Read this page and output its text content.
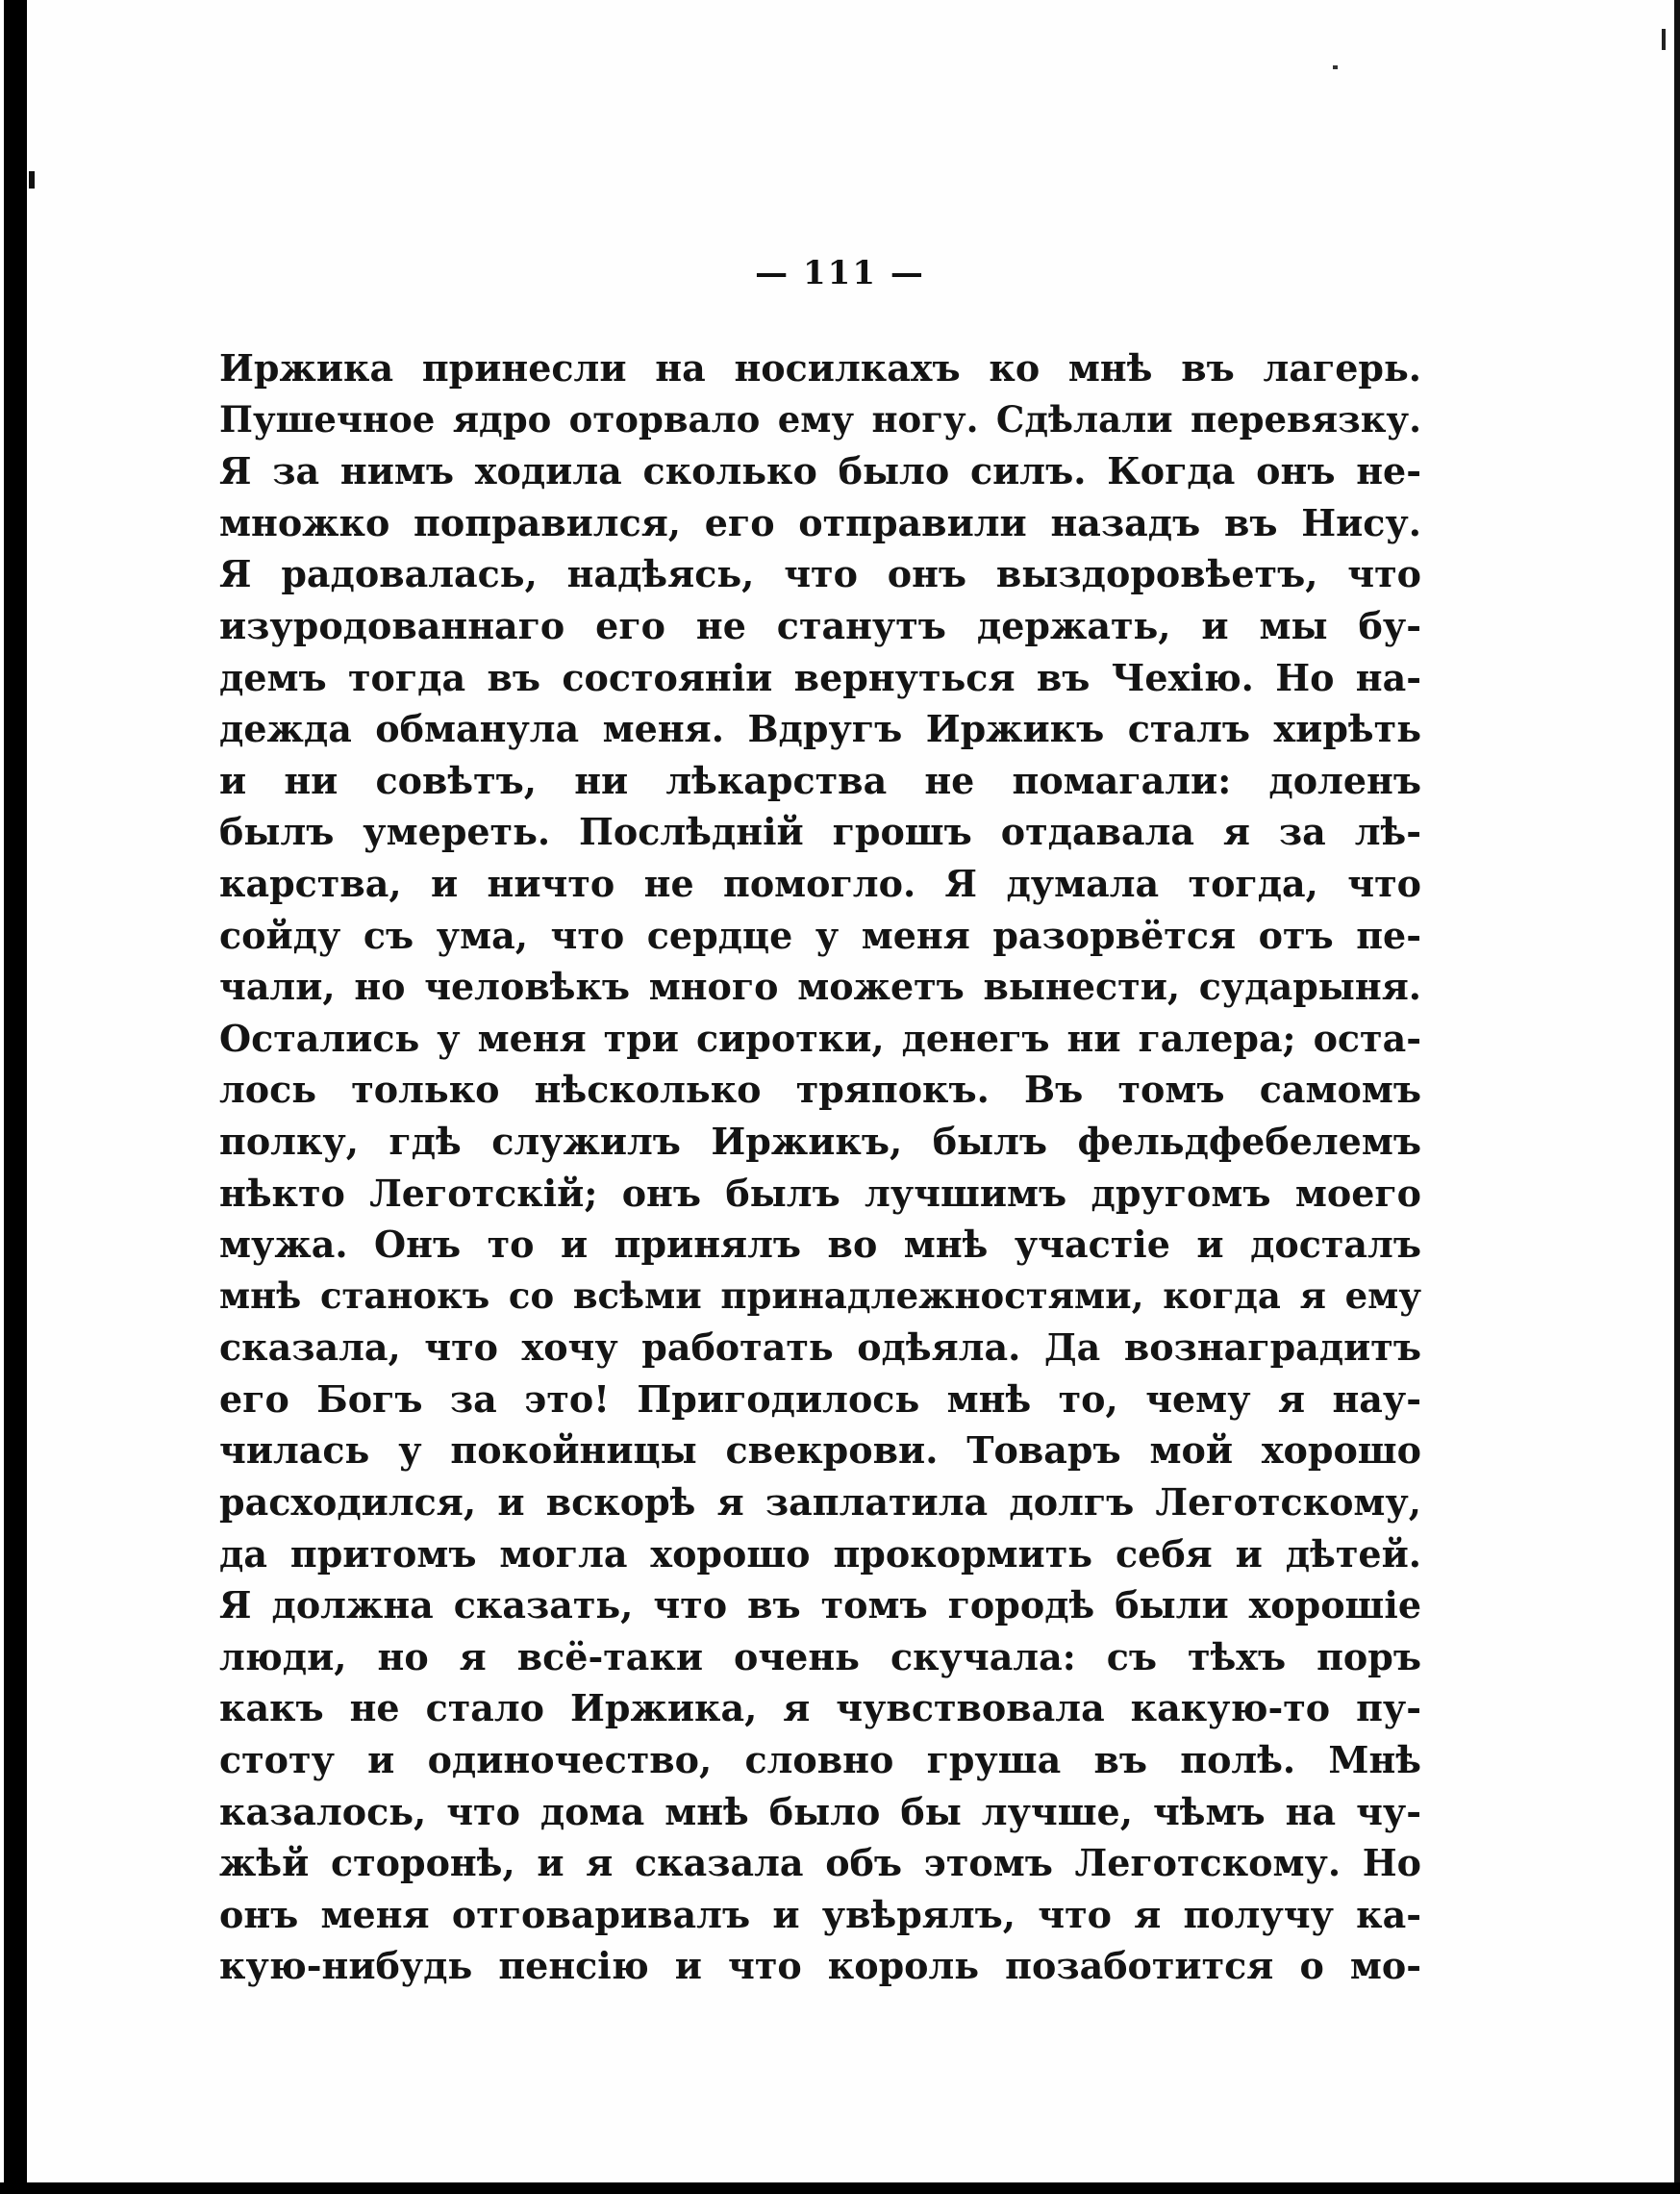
— 111 —
Иржика принесли на носилкахъ ко мнѣ въ лагерь.
Пушечное ядро оторвало ему ногу. Сдѣлали перевязку.
Я за нимъ ходила сколько было силъ. Когда онъ не-
множко поправился, его отправили назадъ въ Нису.
Я радовалась, надѣясь, что онъ выздоровѣетъ, что
изуродованнаго его не станутъ держать, и мы бу-
демъ тогда въ состояніи вернуться въ Чехію. Но на-
дежда обманула меня. Вдругъ Иржикъ сталъ хирѣть
и ни совѣтъ, ни лѣкарства не помагали: доленъ
былъ умереть. Послѣдній грошъ отдавала я за лѣ-
карства, и ничто не помогло. Я думала тогда, что
сойду съ ума, что сердце у меня разорвётся отъ пе-
чали, но человѣкъ много можетъ вынести, сударыня.
Остались у меня три сиротки, денегъ ни галера; оста-
лось только нѣсколько тряпокъ. Въ томъ самомъ
полку, гдѣ служилъ Иржикъ, былъ фельдфебелемъ
нѣкто Леготскій; онъ былъ лучшимъ другомъ моего
мужа. Онъ то и принялъ во мнѣ участіе и досталъ
мнѣ станокъ со всѣми принадлежностями, когда я ему
сказала, что хочу работать одѣяла. Да вознаградитъ
его Богъ за это! Пригодилось мнѣ то, чему я нау-
чилась у покойницы свекрови. Товаръ мой хорошо
расходился, и вскорѣ я заплатила долгъ Леготскому,
да притомъ могла хорошо прокормить себя и дѣтей.
Я должна сказать, что въ томъ городѣ были хорошіе
люди, но я всё-таки очень скучала: съ тѣхъ поръ
какъ не стало Иржика, я чувствовала какую-то пу-
стоту и одиночество, словно груша въ полѣ. Мнѣ
казалось, что дома мнѣ было бы лучше, чѣмъ на чу-
жѣй сторонѣ, и я сказала объ этомъ Леготскому. Но
онъ меня отговаривалъ и увѣрялъ, что я получу ка-
кую-нибудь пенсію и что король позаботится о мо-
